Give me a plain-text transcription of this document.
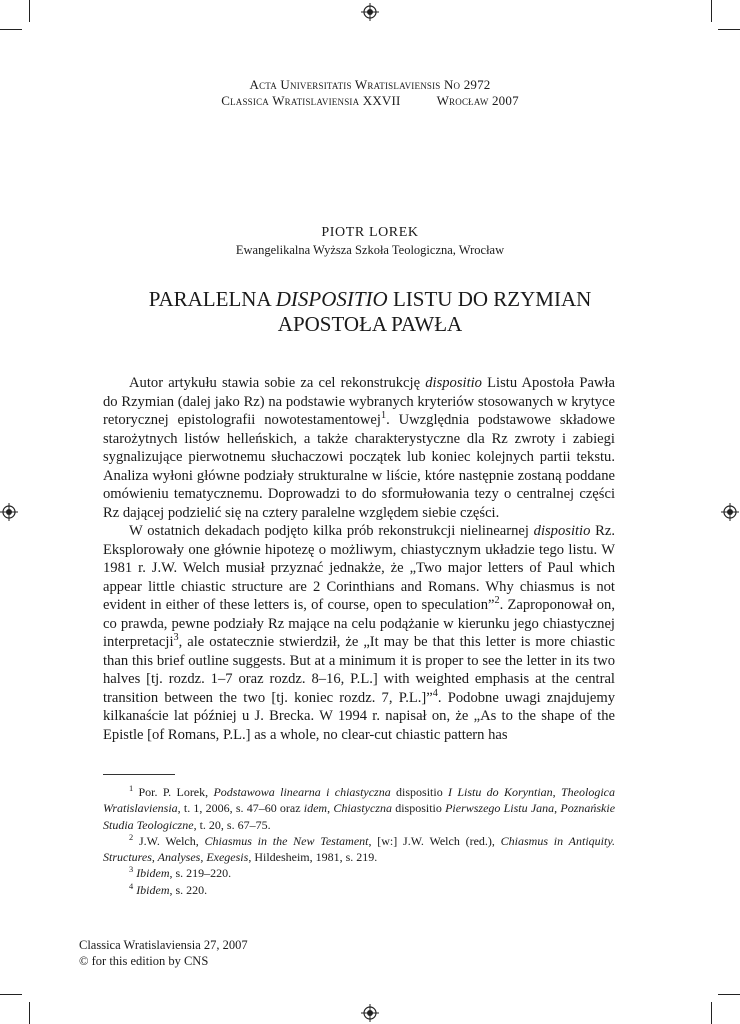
Acta Universitatis Wratislaviensis No 2972
Classica Wratislaviensia XXVII	Wrocław 2007
PIOTR LOREK
Ewangelikalna Wyższa Szkoła Teologiczna, Wrocław
PARALELNA DISPOSITIO LISTU DO RZYMIAN
APOSTOŁA PAWŁA

Autor artykułu stawia sobie za cel rekonstrukcję dispositio Listu Apostoła Pawła do Rzymian (dalej jako Rz) na podstawie wybranych kryteriów stosowanych w krytyce retorycznej epistolografii nowotestamentowej$^1$. Uwzględnia podstawowe składowe starożytnych listów helleńskich, a także charakterystyczne dla Rz zwroty i zabiegi sygnalizujące pierwotnemu słuchaczowi początek lub koniec kolejnych partii tekstu. Analiza wyłoni główne podziały strukturalne w liście, które następnie zostaną poddane omówieniu tematycznemu. Doprowadzi to do sformułowania tezy o centralnej części Rz dającej podzielić się na cztery paralelne względem siebie części.

W ostatnich dekadach podjęto kilka prób rekonstrukcji nielinearnej dispositio Rz. Eksplorowały one głównie hipotezę o możliwym, chiastycznym układzie tego listu. W 1981 r. J.W. Welch musiał przyznać jednakże, że „Two major letters of Paul which appear little chiastic structure are 2 Corinthians and Romans. Why chiasmus is not evident in either of these letters is, of course, open to speculation”$^2$. Zaproponował on, co prawda, pewne podziały Rz mające na celu podążanie w kierunku jego chiastycznej interpretacji$^3$, ale ostatecznie stwierdził, że „It may be that this letter is more chiastic than this brief outline suggests. But at a minimum it is proper to see the letter in its two halves [tj. rozdz. 1–7 oraz rozdz. 8–16, P.L.] with weighted emphasis at the central transition between the two [tj. koniec rozdz. 7, P.L.]”$^4$. Podobne uwagi znajdujemy kilkanaście lat później u J. Brecka. W 1994 r. napisał on, że „As to the shape of the Epistle [of Romans, P.L.] as a whole, no clear-cut chiastic pattern has

$^1$ Por. P. Lorek, Podstawowa linearna i chiastyczna dispositio I Listu do Koryntian, Theologica Wratislaviensia, t. 1, 2006, s. 47–60 oraz idem, Chiastyczna dispositio Pierwszego Listu Jana, Poznańskie Studia Teologiczne, t. 20, s. 67–75.

$^2$ J.W. Welch, Chiasmus in the New Testament, [w:] J.W. Welch (red.), Chiasmus in Antiquity. Structures, Analyses, Exegesis, Hildesheim, 1981, s. 219.

$^3$ Ibidem, s. 219–220.

$^4$ Ibidem, s. 220.

Classica Wratislaviensia 27, 2007
© for this edition by CNS
